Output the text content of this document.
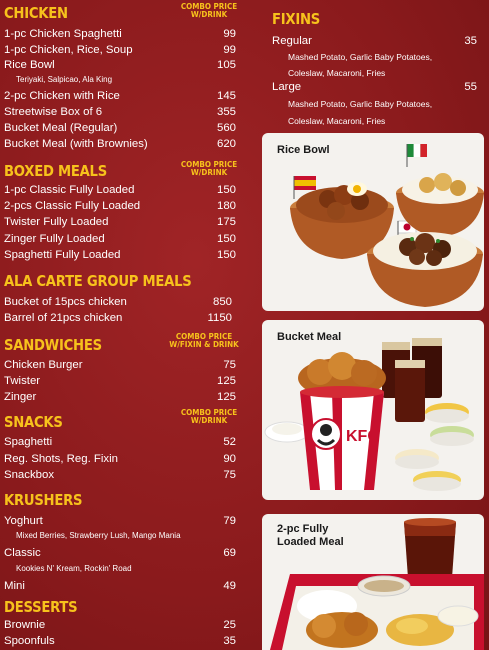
CHICKEN	COMBO PRICE W/DRINK
1-pc Chicken Spaghetti	99
1-pc Chicken, Rice, Soup	99
Rice Bowl	105
Teriyaki, Salpicao, Ala King
2-pc Chicken with Rice	145
Streetwise Box of 6	355
Bucket Meal (Regular)	560
Bucket Meal (with Brownies)	620
BOXED MEALS	COMBO PRICE W/DRINK
1-pc Classic Fully Loaded	150
2-pcs Classic Fully Loaded	180
Twister Fully Loaded	175
Zinger Fully Loaded	150
Spaghetti Fully Loaded	150
ALA CARTE GROUP MEALS
Bucket of 15pcs chicken	850
Barrel of 21pcs chicken	1150
SANDWICHES	COMBO PRICE W/FIXIN & DRINK
Chicken Burger	75
Twister	125
Zinger	125
SNACKS
COMBO PRICE W/DRINK
Spaghetti	52
Reg. Shots, Reg. Fixin	90
Snackbox	75
KRUSHERS
Yoghurt	79
Mixed Berries, Strawberry Lush, Mango Mania
Classic	69
Kookies N' Kream, Rockin' Road
Mini	49
DESSERTS
Brownie	25
Spoonfuls	35
FIXINS
Regular	35
Mashed Potato, Garlic Baby Potatoes,
Coleslaw, Macaroni, Fries
Large	55
Mashed Potato, Garlic Baby Potatoes,
Coleslaw, Macaroni, Fries
Rice Bowl
Bucket Meal
KFC
2-pc Fully
Loaded Meal
